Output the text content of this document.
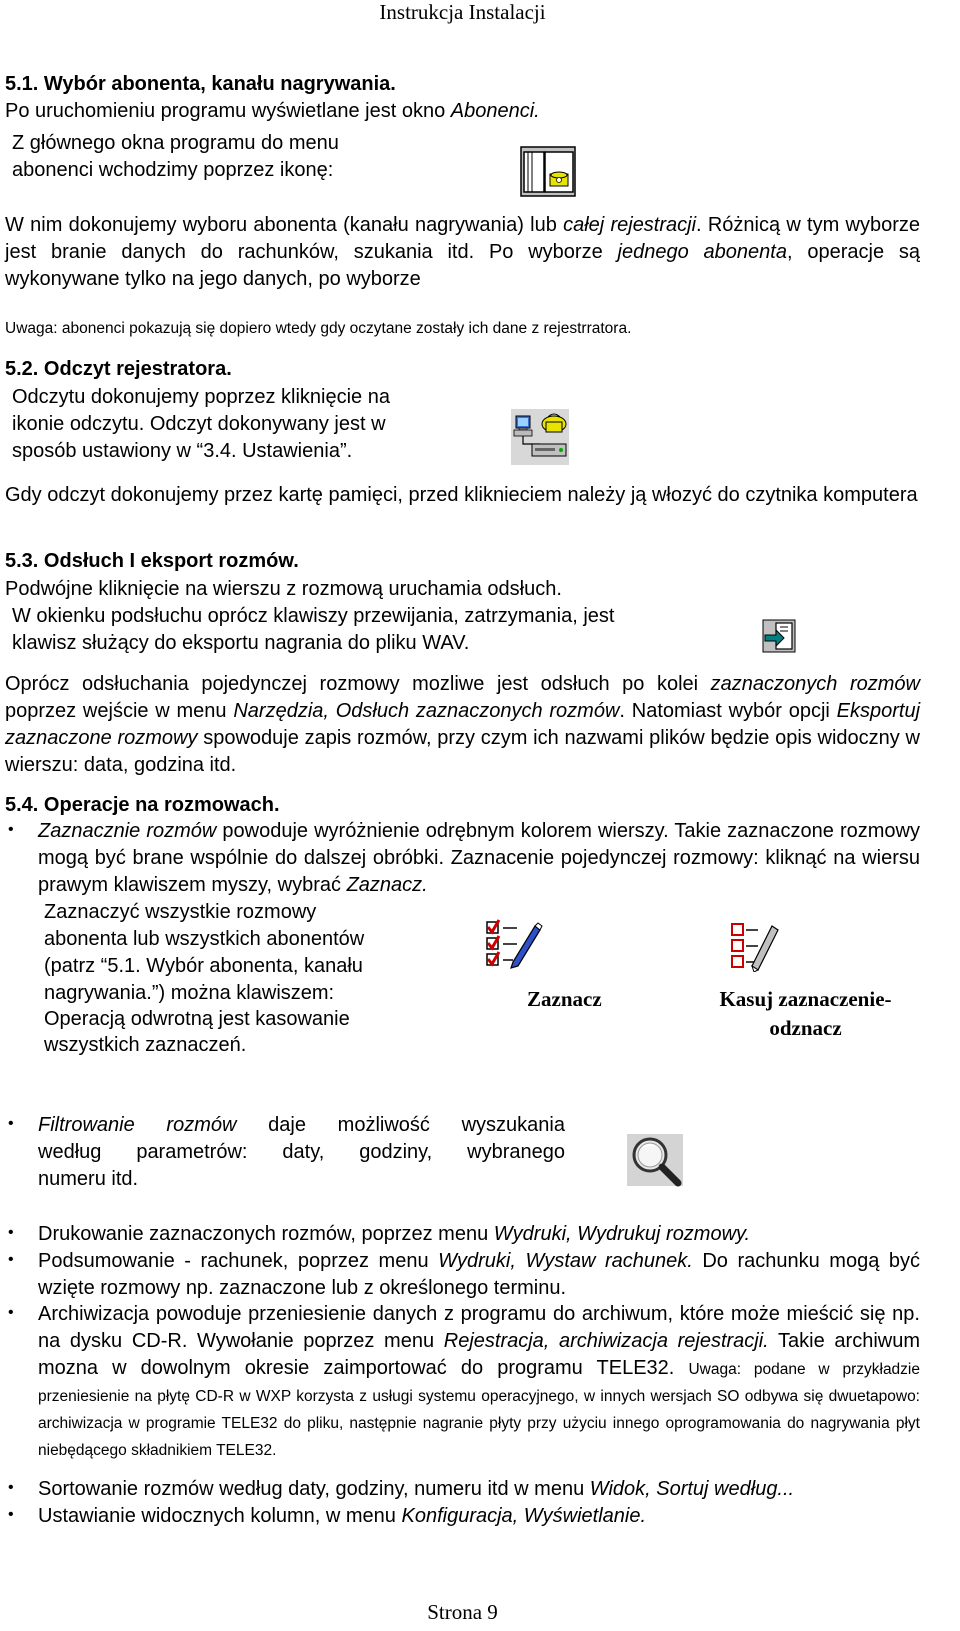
Instrukcja Instalacji
5.1. Wybór abonenta, kanału nagrywania.
Po uruchomieniu programu wyświetlane jest okno Abonenci.
Z głównego okna programu do menu
abonenci wchodzimy poprzez ikonę:
W nim dokonujemy wyboru abonenta (kanału nagrywania) lub całej rejestracji. Różnicą w tym wyborze jest branie danych do rachunków, szukania itd. Po wyborze jednego abonenta, operacje są wykonywane tylko na jego danych, po wyborze
Uwaga: abonenci pokazują się dopiero wtedy gdy oczytane zostały ich dane z rejestrratora.
5.2. Odczyt rejestratora.
Odczytu dokonujemy poprzez kliknięcie na
ikonie odczytu. Odczyt dokonywany jest w
sposób ustawiony w “3.4. Ustawienia”.
Gdy odczyt dokonujemy przez kartę pamięci, przed kliknieciem należy ją włozyć do czytnika komputera
5.3. Odsłuch I eksport rozmów.
Podwójne kliknięcie na wierszu z rozmową uruchamia odsłuch.
W okienku podsłuchu oprócz klawiszy przewijania, zatrzymania, jest
klawisz służący do eksportu nagrania do pliku WAV.
Oprócz odsłuchania pojedynczej rozmowy mozliwe jest odsłuch po kolei zaznaczonych rozmów poprzez wejście w menu Narzędzia, Odsłuch zaznaczonych rozmów. Natomiast wybór opcji Eksportuj zaznaczone rozmowy spowoduje zapis rozmów, przy czym ich nazwami plików będzie opis widoczny w wierszu: data, godzina itd.
5.4. Operacje na rozmowach.
• Zaznacznie rozmów powoduje wyróżnienie odrębnym kolorem wierszy. Takie zaznaczone rozmowy mogą być brane wspólnie do dalszej obróbki. Zaznacenie pojedynczej rozmowy: kliknąć na wiersu prawym klawiszem myszy, wybrać Zaznacz.
Zaznaczyć wszystkie rozmowy
abonenta lub wszystkich abonentów
(patrz “5.1. Wybór abonenta, kanału
nagrywania.”) można klawiszem:
Operacją odwrotną jest kasowanie
wszystkich zaznaczeń.
Zaznacz	Kasuj zaznaczenie-
odznacz
• Filtrowanie rozmów daje możliwość wyszukania
według parametrów: daty, godziny, wybranego
numeru itd.
• Drukowanie zaznaczonych rozmów, poprzez menu Wydruki, Wydrukuj rozmowy.
• Podsumowanie - rachunek, poprzez menu Wydruki, Wystaw rachunek. Do rachunku mogą być wzięte rozmowy np. zaznaczone lub z określonego terminu.
• Archiwizacja powoduje przeniesienie danych z programu do archiwum, które może mieścić się np. na dysku CD-R. Wywołanie poprzez menu Rejestracja, archiwizacja rejestracji. Takie archiwum mozna w dowolnym okresie zaimportować do programu TELE32. Uwaga: podane w przykładzie przeniesienie na płytę CD-R w WXP korzysta z usługi systemu operacyjnego, w innych wersjach SO odbywa się dwuetapowo: archiwizacja w programie TELE32 do pliku, następnie nagranie płyty przy użyciu innego oprogramowania do nagrywania płyt niebędącego składnikiem TELE32.
• Sortowanie rozmów według daty, godziny, numeru itd w menu Widok, Sortuj według...
• Ustawianie widocznych kolumn, w menu Konfiguracja, Wyświetlanie.
Strona 9
